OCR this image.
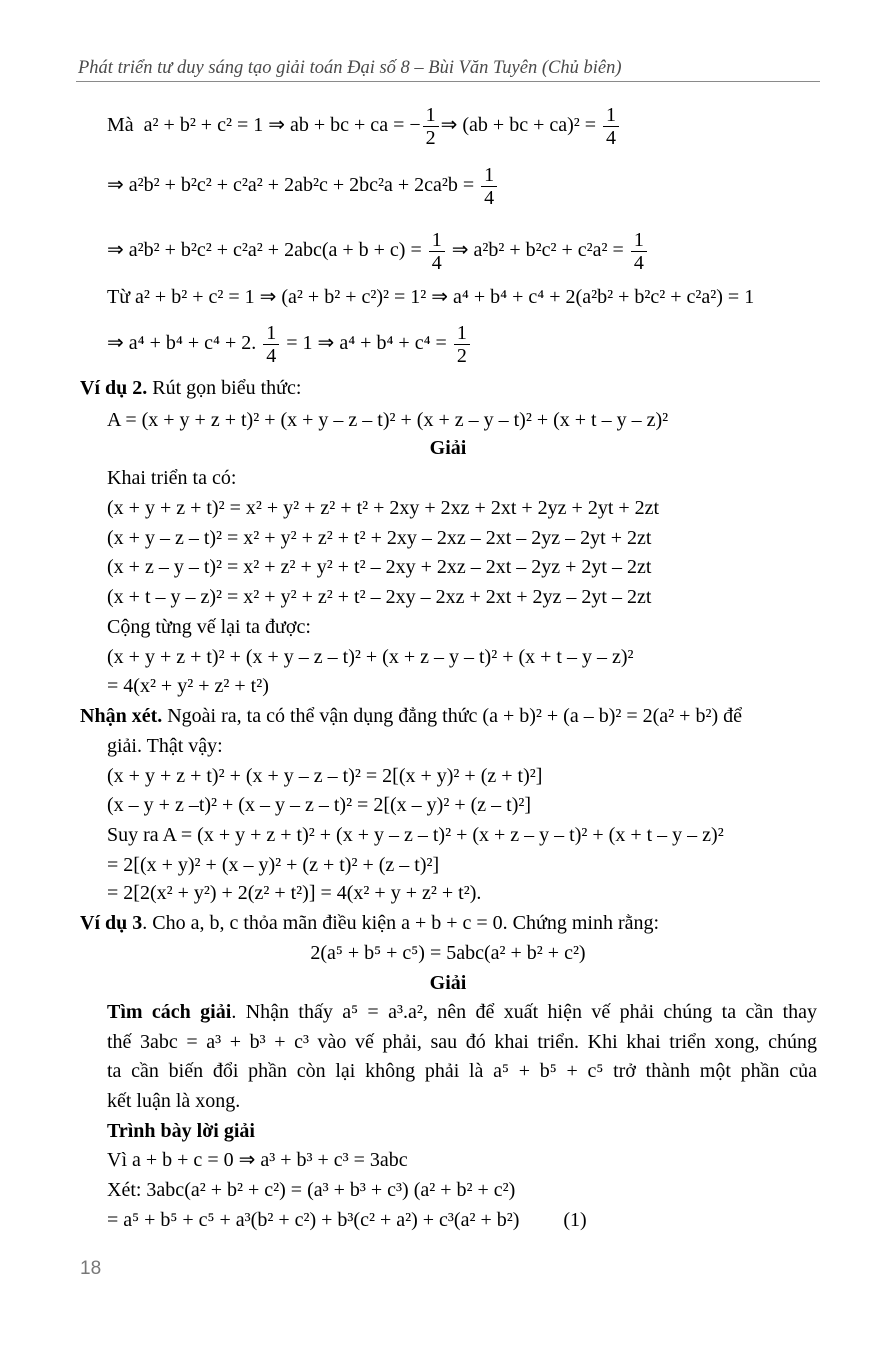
Phát triển tư duy sáng tạo giải toán Đại số 8 – Bùi Văn Tuyên (Chủ biên)
Mà  a² + b² + c² = 1 ⇒ ab + bc + ca = − $\frac{1}{2}$ ⇒ (ab + bc + $ca)^2 = \frac{1}{4}$
⇒ $a^2b^2 + b^2c^2 + c^2a^2 + 2ab^2c + 2bc^2a + 2ca^2b = \frac{1}{4}$
⇒ $a^2b^2 + b^2c^2 + c^2a^2 + 2abc(a + b + c) = \frac{1}{4}$ ⇒ $a^2b^2 + b^2c^2 + c^2a^2 = \frac{1}{4}$
Từ a² + b² + c² = 1 ⇒ (a² + b² + c²)² = 1² ⇒ a⁴ + b⁴ + c⁴ + 2(a²b² + b²c² + c²a²) = 1
⇒ a⁴ + b⁴ + c⁴ + 2. $\frac{1}{4} = 1$ ⇒ $a^4 + b^4 + c^4 = \frac{1}{2}$
Ví dụ 2. Rút gọn biểu thức:
A = (x + y + z + t)² + (x + y – z – t)² + (x + z – y – t)² + (x + t – y – z)²
Giải
Khai triển ta có:
(x + y + z + t)² = x² + y² + z² + t² + 2xy + 2xz + 2xt + 2yz + 2yt + 2zt
(x + y – z – t)² = x² + y² + z² + t² + 2xy – 2xz – 2xt – 2yz – 2yt + 2zt
(x + z – y – t)² = x² + z² + y² + t² – 2xy + 2xz – 2xt – 2yz + 2yt – 2zt
(x + t – y – z)² = x² + y² + z² + t² – 2xy – 2xz + 2xt + 2yz – 2yt – 2zt
Cộng từng vế lại ta được:
(x + y + z + t)² + (x + y – z – t)² + (x + z – y – t)² + (x + t – y – z)²
= 4(x² + y² + z² + t²)
Nhận xét. Ngoài ra, ta có thể vận dụng đẳng thức (a + b)² + (a – b)² = 2(a² + b²) để
giải. Thật vậy:
(x + y + z + t)² + (x + y – z – t)² = 2[(x + y)² + (z + t)²]
(x – y + z –t)² + (x – y – z – t)² = 2[(x – y)² + (z – t)²]
Suy ra A = (x + y + z + t)² + (x + y – z – t)² + (x + z – y – t)² + (x + t – y – z)²
= 2[(x + y)² + (x – y)² + (z + t)² + (z – t)²]
= 2[2(x² + y²) + 2(z² + t²)] = 4(x² + y + z² + t²).
Ví dụ 3. Cho a, b, c thỏa mãn điều kiện a + b + c = 0. Chứng minh rằng:
2(a⁵ + b⁵ + c⁵) = 5abc(a² + b² + c²)
Giải
Tìm cách giải. Nhận thấy a⁵ = a³.a², nên để xuất hiện vế phải chúng ta cần thay
thế 3abc = a³ + b³ + c³ vào vế phải, sau đó khai triển. Khi khai triển xong, chúng
ta cần biến đổi phần còn lại không phải là a⁵ + b⁵ + c⁵ trở thành một phần của
kết luận là xong.
Trình bày lời giải
Vì a + b + c = 0 ⇒ a³ + b³ + c³ = 3abc
Xét: 3abc(a² + b² + c²) = (a³ + b³ + c³) (a² + b² + c²)
= a⁵ + b⁵ + c⁵ + a³(b² + c²) + b³(c² + a²) + c³(a² + b²) (1)
18
